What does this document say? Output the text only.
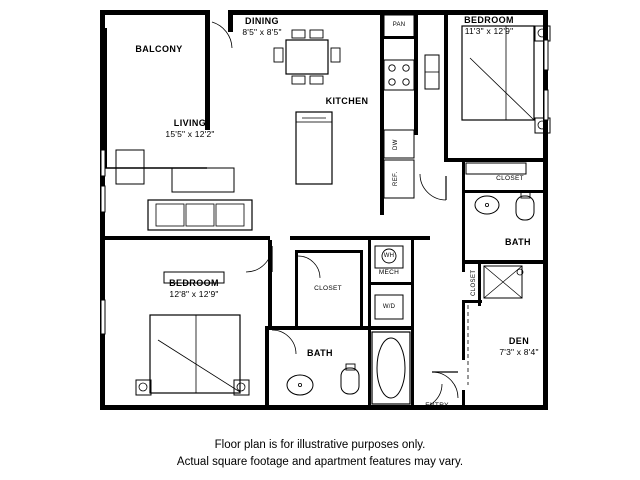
BALCONY
DINING
8'5" x 8'5"
KITCHEN
LIVING
15'5" x 12'2"
BEDROOM
11'3" x 12'9"
BEDROOM
12'8" x 12'9"
BATH
BATH
DEN
7'3" x 8'4"
CLOSET
CLOSET
MECH
ENTRY
PAN
REF.
DW
WH
W/D
CLOSET
Floor plan is for illustrative purposes only.
Actual square footage and apartment features may vary.
